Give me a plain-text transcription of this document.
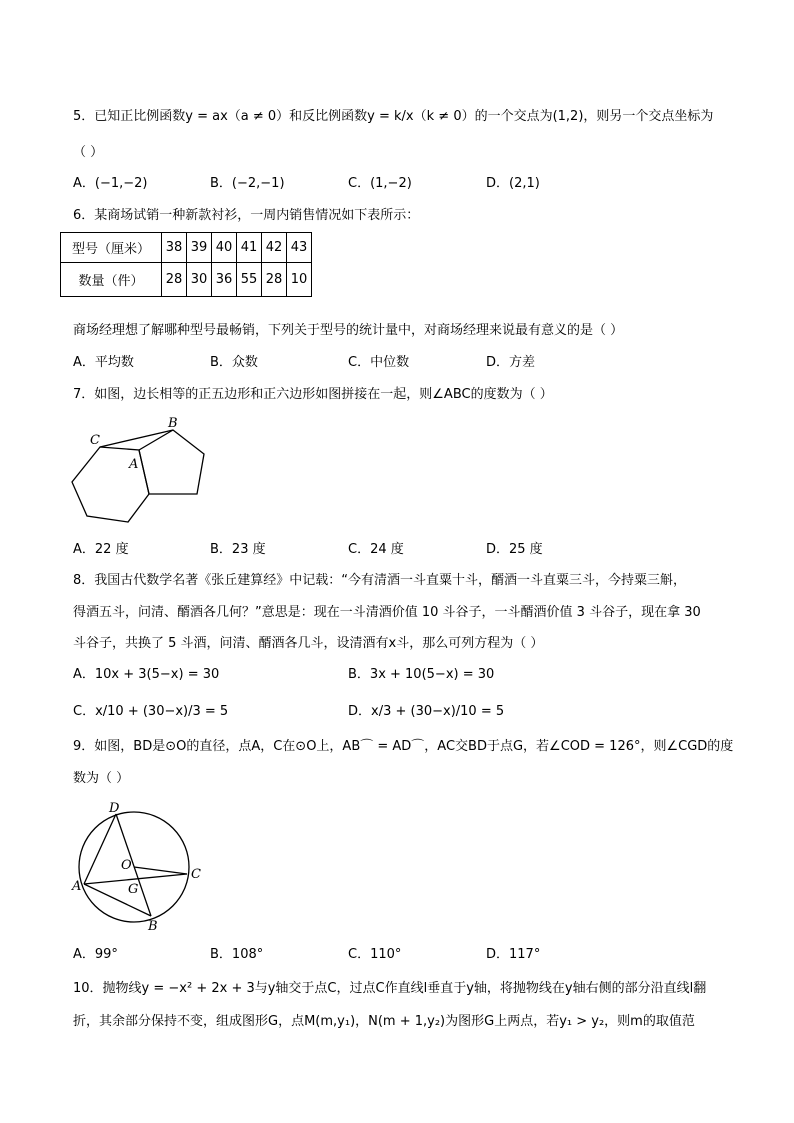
5．已知正比例函数y = ax（a ≠ 0）和反比例函数y = k/x（k ≠ 0）的一个交点为(1,2)，则另一个交点坐标为
（ ）
A．(−1,−2)	B．(−2,−1)	C．(1,−2)	D．(2,1)
6．某商场试销一种新款衬衫，一周内销售情况如下表所示：
型号（厘米）	38	39	40	41	42	43
数量（件）	28	30	36	55	28	10
商场经理想了解哪种型号最畅销，下列关于型号的统计量中，对商场经理来说最有意义的是（ ）
A．平均数	B．众数	C．中位数	D．方差
7．如图，边长相等的正五边形和正六边形如图拼接在一起，则∠ABC的度数为（ ）
C
B
A
A．22 度	B．23 度	C．24 度	D．25 度
8．我国古代数学名著《张丘建算经》中记载：“今有清酒一斗直粟十斗，醑酒一斗直粟三斗，今持粟三斛，
得酒五斗，问清、醑酒各几何？”意思是：现在一斗清酒价值 10 斗谷子，一斗醑酒价值 3 斗谷子，现在拿 30
斗谷子，共换了 5 斗酒，问清、醑酒各几斗，设清酒有x斗，那么可列方程为（ ）
A．10x + 3(5−x) = 30	B．3x + 10(5−x) = 30
C．x/10 + (30−x)/3 = 5	D．x/3 + (30−x)/10 = 5
9．如图，BD是⊙O的直径，点A，C在⊙O上，AB⌒ = AD⌒，AC交BD于点G，若∠COD = 126°，则∠CGD的度
数为（ ）
D
C
A
B
O
G
A．99°	B．108°	C．110°	D．117°
10．抛物线y = −x² + 2x + 3与y轴交于点C，过点C作直线l垂直于y轴，将抛物线在y轴右侧的部分沿直线l翻
折，其余部分保持不变，组成图形G，点M(m,y₁)，N(m + 1,y₂)为图形G上两点，若y₁ > y₂，则m的取值范
